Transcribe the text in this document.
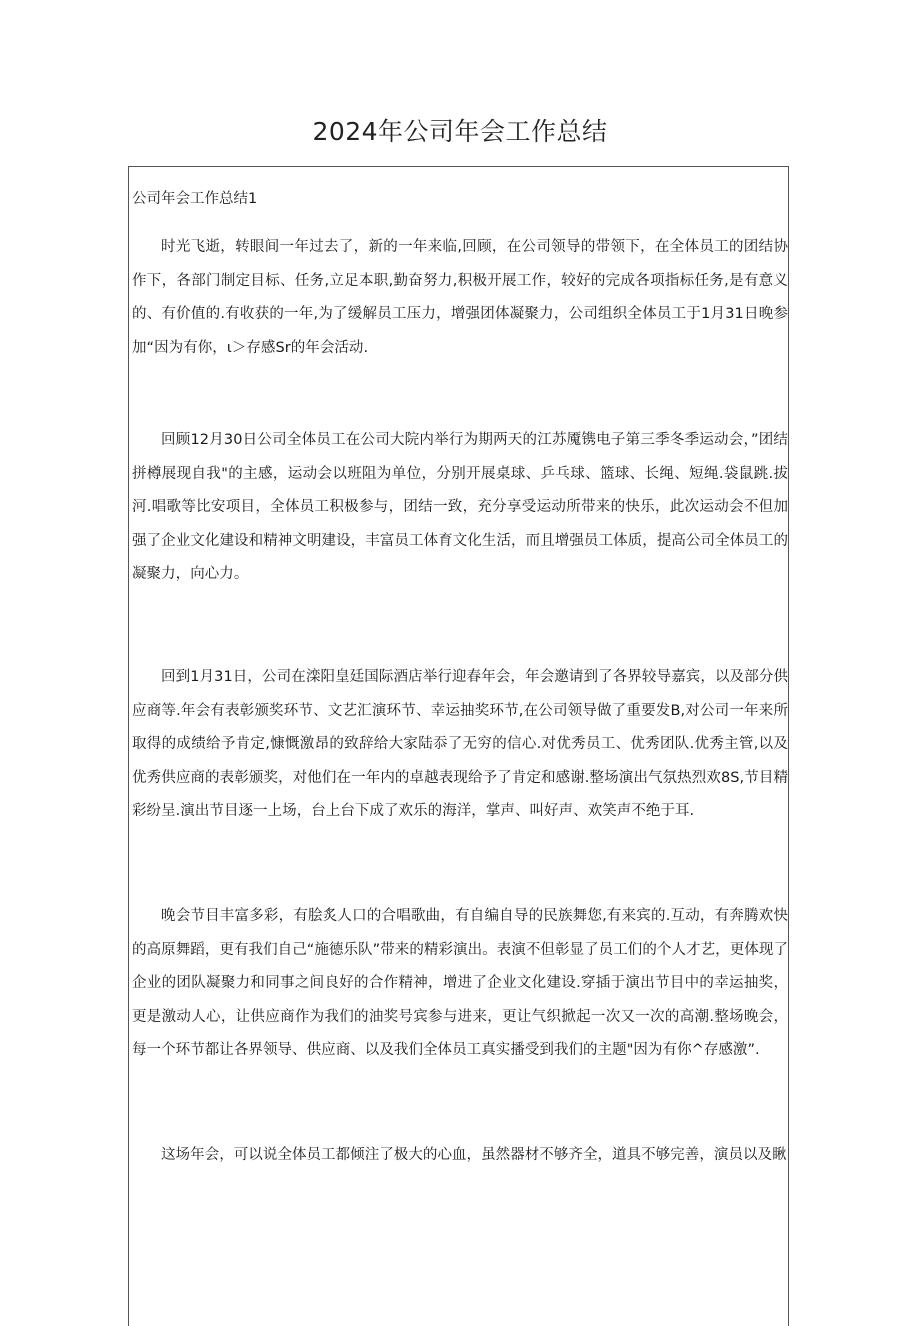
2024年公司年会工作总结
公司年会工作总结1

时光飞逝，转眼间一年过去了，新的一年来临,回顾，在公司领导的带领下，在全体员工的团结协作下，各部门制定目标、任务,立足本职,勤奋努力,积极开展工作，较好的完成各项指标任务,是有意义的、有价值的.有收获的一年,为了缓解员工压力，增强团体凝聚力，公司组织全体员工于1月31日晚参加“因为有你，ι＞存感Sr的年会活动.

回顾12月30日公司全体员工在公司大院内举行为期两天的江苏魇镌电子第三季冬季运动会，”团结拼樽展现自我"的主感，运动会以班阻为单位，分别开展桌球、乒乓球、篮球、长绳、短绳.袋鼠跳.拔河.唱歌等比安项目，全体员工积极参与，团结一致，充分享受运动所带来的快乐，此次运动会不但加强了企业文化建设和精神文明建设，丰富员工体育文化生活，而且增强员工体质，提高公司全体员工的凝聚力，向心力。

回到1月31日，公司在滦阳皇廷国际酒店举行迎春年会，年会邀请到了各界较导嘉宾，以及部分供应商等.年会有表彰颁奖环节、文艺汇演环节、幸运抽奖环节,在公司领导做了重要发B,对公司一年来所取得的成绩给予肯定,慷慨激昂的致辞给大家陆忝了无穷的信心.对优秀员工、优秀团队.优秀主管,以及优秀供应商的表彰颁奖，对他们在一年内的卓越表现给予了肯定和感谢.整场演出气氛热烈欢8S,节目精彩纷呈.演出节目逐一上场，台上台下成了欢乐的海洋，掌声、叫好声、欢笑声不绝于耳.

晚会节目丰富多彩，有脍炙人口的合唱歌曲，有自编自导的民族舞您,有来宾的.互动，有奔腾欢快的高原舞蹈，更有我们自己“施德乐队”带来的精彩演出。表演不但彰显了员工们的个人才艺，更体现了企业的团队凝聚力和同事之间良好的合作精神，增进了企业文化建设.穿插于演出节目中的幸运抽奖，更是激动人心，让供应商作为我们的油奖号宾参与进来，更让气织掀起一次又一次的高潮.整场晚会，每一个环节都让各界领导、供应商、以及我们全体员工真实播受到我们的主题"因为有你^存感激”.

这场年会，可以说全体员工都倾注了极大的心血，虽然器材不够齐全，道具不够完善，演员以及瞅
